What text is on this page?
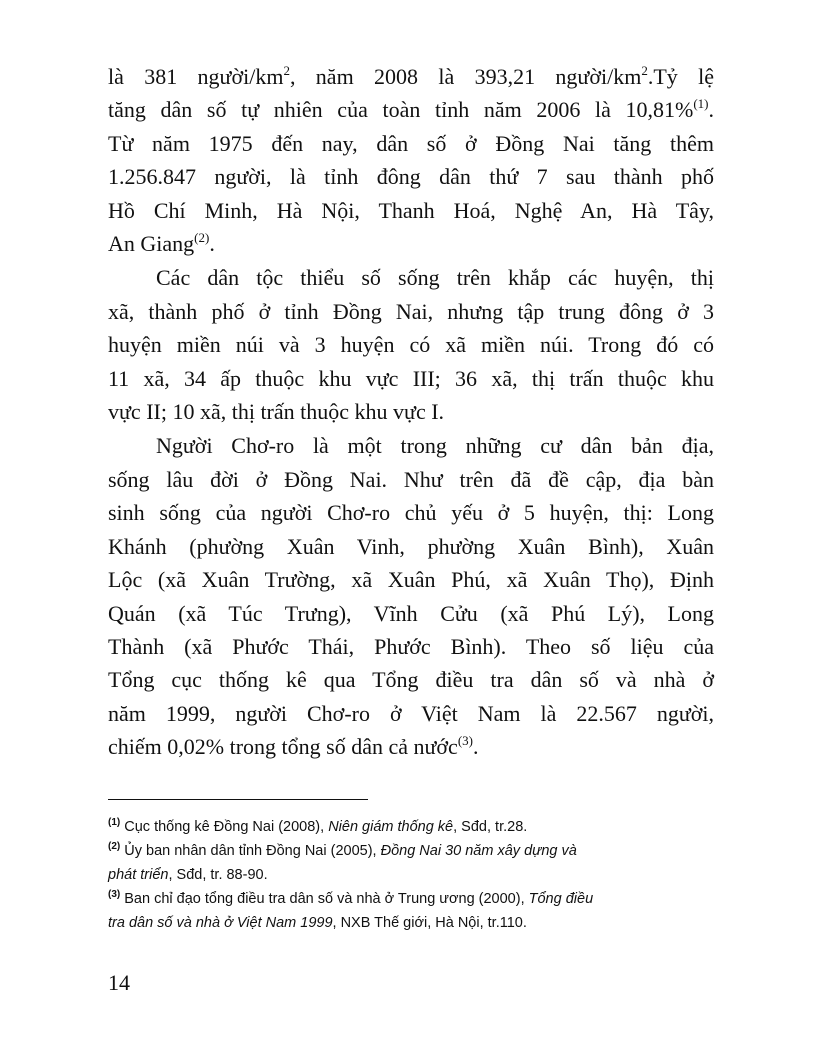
là 381 người/$km^2$, năm 2008 là 393,21 người/$km^2.Tỷ$ lệ
tăng dân số tự nhiên của toàn tỉnh năm 2006 là 10,81%$^{(1)}$.
Từ năm 1975 đến nay, dân số ở Đồng Nai tăng thêm
1.256.847 người, là tỉnh đông dân thứ 7 sau thành phố
Hồ Chí Minh, Hà Nội, Thanh Hoá, Nghệ An, Hà Tây,
An Giang$^{(2)}$.
Các dân tộc thiểu số sống trên khắp các huyện, thị
xã, thành phố ở tỉnh Đồng Nai, nhưng tập trung đông ở 3
huyện miền núi và 3 huyện có xã miền núi. Trong đó có
11 xã, 34 ấp thuộc khu vực III; 36 xã, thị trấn thuộc khu
vực II; 10 xã, thị trấn thuộc khu vực I.
Người Chơ-ro là một trong những cư dân bản địa,
sống lâu đời ở Đồng Nai. Như trên đã đề cập, địa bàn
sinh sống của người Chơ-ro chủ yếu ở 5 huyện, thị: Long
Khánh (phường Xuân Vinh, phường Xuân Bình), Xuân
Lộc (xã Xuân Trường, xã Xuân Phú, xã Xuân Thọ), Định
Quán (xã Túc Trưng), Vĩnh Cửu (xã Phú Lý), Long
Thành (xã Phước Thái, Phước Bình). Theo số liệu của
Tổng cục thống kê qua Tổng điều tra dân số và nhà ở
năm 1999, người Chơ-ro ở Việt Nam là 22.567 người,
chiếm 0,02% trong tổng số dân cả nước$^{(3)}$.
$^{(1)}$ Cục thống kê Đồng Nai (2008), Niên giám thống kê, Sđd, tr.28.
$^{(2)}$ Ủy ban nhân dân tỉnh Đồng Nai (2005), Đồng Nai 30 năm xây dựng và
phát triển, Sđd, tr. 88-90.
$^{(3)}$ Ban chỉ đạo tổng điều tra dân số và nhà ở Trung ương (2000), Tổng điều
tra dân số và nhà ở Việt Nam 1999, NXB Thế giới, Hà Nội, tr.110.
14
